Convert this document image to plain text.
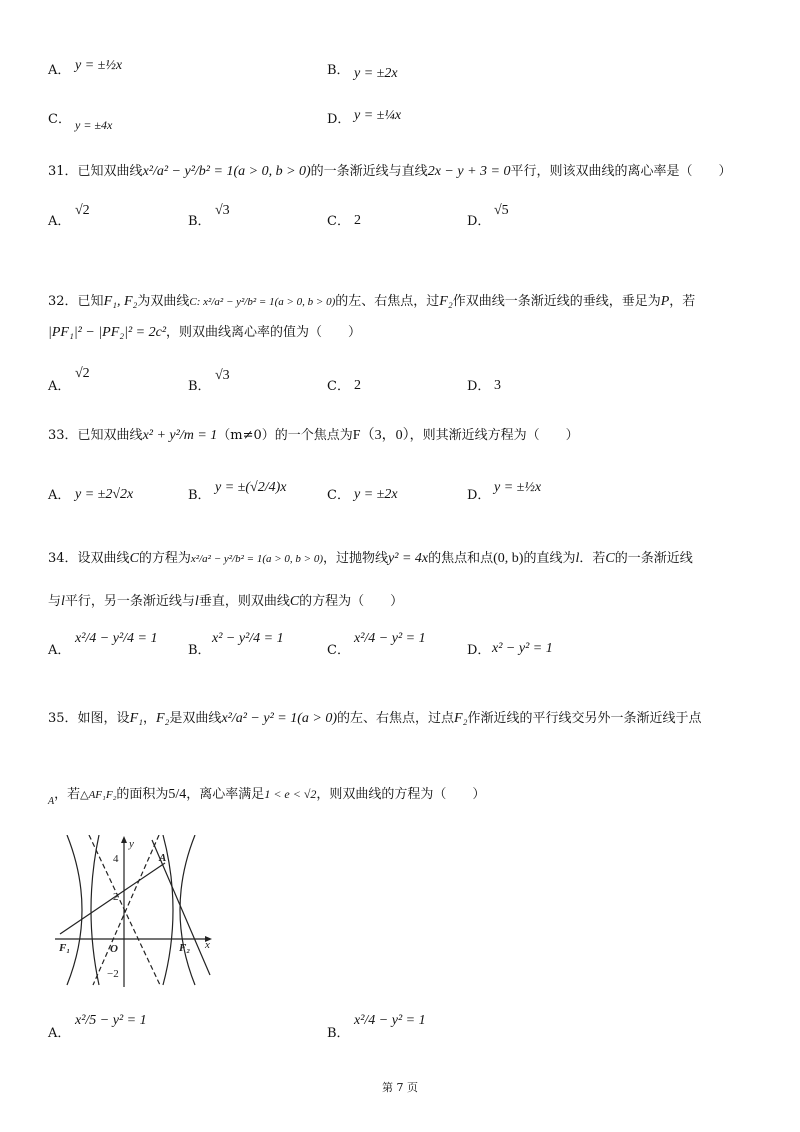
A． y = ±½x	B． y = ±2x
C． y = ±4x	D． y = ±¼x
31．已知双曲线x²/a² − y²/b² = 1(a > 0, b > 0)的一条渐近线与直线2x − y + 3 = 0平行，则该双曲线的离心率是（　　）
A．
√2
B．
√3
C． 2	D．
√5
32．已知F₁, F₂为双曲线C: x²/a² − y²/b² = 1(a > 0, b > 0)的左、右焦点，过F₂作双曲线一条渐近线的垂线，垂足为P，若
|PF₁|² − |PF₂|² = 2c²，则双曲线离心率的值为（　　）
A．
√2
B．
√3
C． 2	D． 3
33．已知双曲线x² + y²/m = 1（m≠0）的一个焦点为F（3，0），则其渐近线方程为（　　）
A． y = ±2√2x	B．
y = ±(√2/4)x
C． y = ±2x	D．
y = ±½x
34．设双曲线C的方程为x²/a² − y²/b² = 1(a > 0, b > 0)，过抛物线y² = 4x的焦点和点(0, b)的直线为l．若C的一条渐近线
与l平行，另一条渐近线与l垂直，则双曲线C的方程为（　　）
A．
x²/4 − y²/4 = 1
B．
x² − y²/4 = 1
C．
x²/4 − y² = 1
D． x² − y² = 1
35．如图，设F₁，F₂是双曲线x²/a² − y² = 1(a > 0)的左、右焦点，过点F₂作渐近线的平行线交另外一条渐近线于点
$_A$，若△AF₁F₂的面积为5/4，离心率满足1 < e < √2，则双曲线的方程为（　　）
y
x
O
4
2
−2
A
F₁	F₂
A．
x²/5 − y² = 1
B．
x²/4 − y² = 1
第 7 页
